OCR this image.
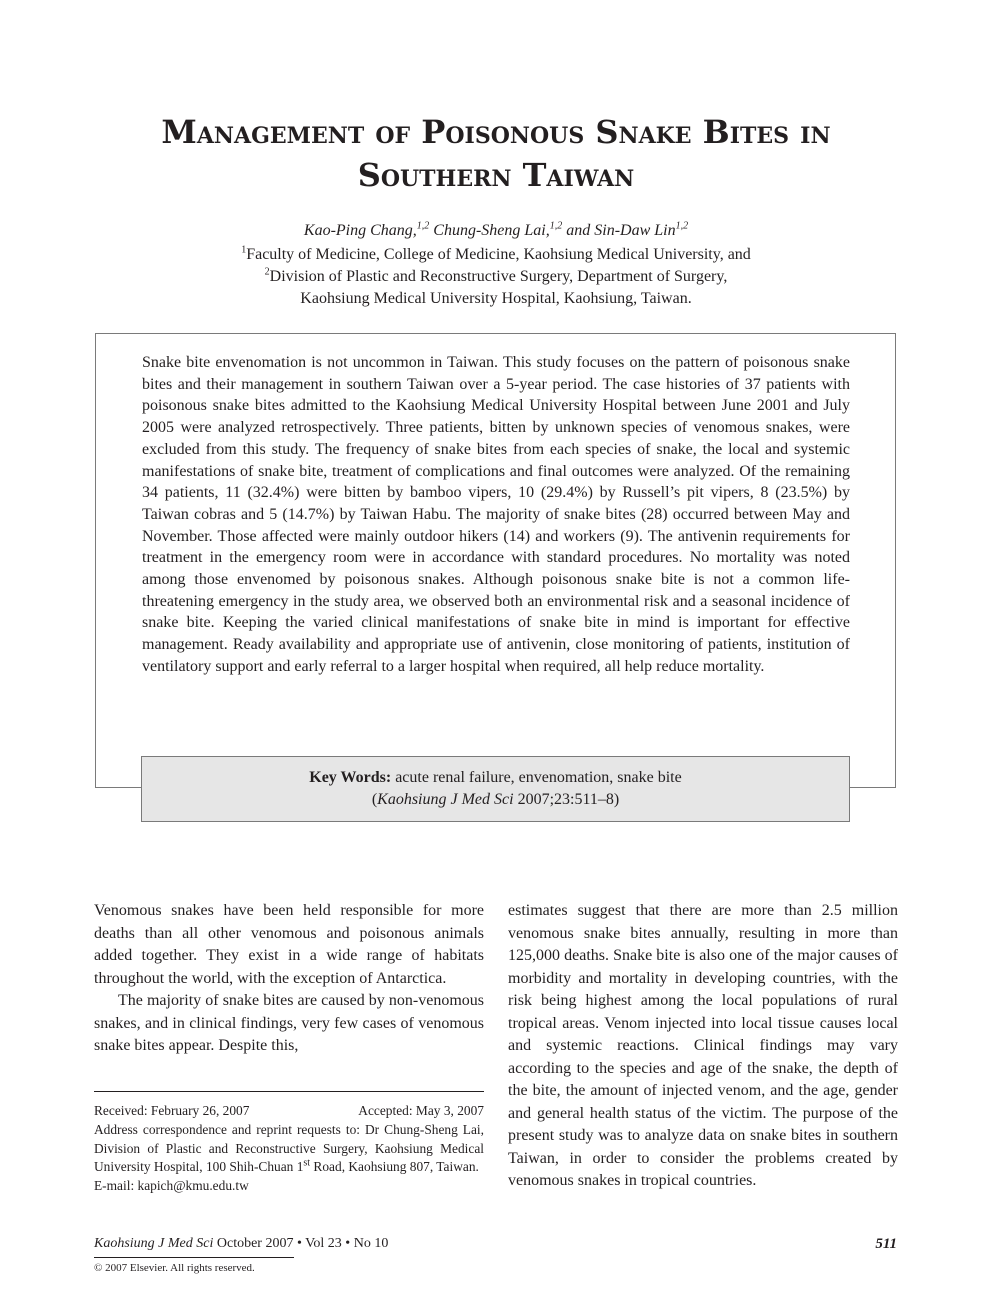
Management of Poisonous Snake Bites in
Southern Taiwan
Kao-Ping Chang,$^{1,2}$ Chung-Sheng Lai,$^{1,2}$ and Sin-Daw Lin$^{1,2}$
$^1$Faculty of Medicine, College of Medicine, Kaohsiung Medical University, and
$^2$Division of Plastic and Reconstructive Surgery, Department of Surgery,
Kaohsiung Medical University Hospital, Kaohsiung, Taiwan.
Snake bite envenomation is not uncommon in Taiwan. This study focuses on the pattern of poisonous snake bites and their management in southern Taiwan over a 5-year period. The case histories of 37 patients with poisonous snake bites admitted to the Kaohsiung Medical University Hospital between June 2001 and July 2005 were analyzed retrospectively. Three patients, bitten by unknown species of venomous snakes, were excluded from this study. The frequency of snake bites from each species of snake, the local and systemic manifestations of snake bite, treatment of complications and final outcomes were analyzed. Of the remaining 34 patients, 11 (32.4%) were bitten by bamboo vipers, 10 (29.4%) by Russell’s pit vipers, 8 (23.5%) by Taiwan cobras and 5 (14.7%) by Taiwan Habu. The majority of snake bites (28) occurred between May and November. Those affected were mainly outdoor hikers (14) and workers (9). The antivenin requirements for treatment in the emergency room were in accordance with standard procedures. No mortality was noted among those envenomed by poisonous snakes. Although poisonous snake bite is not a common life-threatening emergency in the study area, we observed both an environmental risk and a seasonal incidence of snake bite. Keeping the varied clinical manifestations of snake bite in mind is important for effective management. Ready availability and appropriate use of antivenin, close monitoring of patients, institution of ventilatory support and early referral to a larger hospital when required, all help reduce mortality.
Key Words: acute renal failure, envenomation, snake bite
(Kaohsiung J Med Sci 2007;23:511–8)

Venomous snakes have been held responsible for more deaths than all other venomous and poisonous animals added together. They exist in a wide range of habitats throughout the world, with the exception of Antarctica.

The majority of snake bites are caused by non-venomous snakes, and in clinical findings, very few cases of venomous snake bites appear. Despite this,

estimates suggest that there are more than 2.5 million venomous snake bites annually, resulting in more than 125,000 deaths. Snake bite is also one of the major causes of morbidity and mortality in developing countries, with the risk being highest among the local populations of rural tropical areas. Venom injected into local tissue causes local and systemic reactions. Clinical findings may vary according to the species and age of the snake, the depth of the bite, the amount of injected venom, and the age, gender and general health status of the victim. The purpose of the present study was to analyze data on snake bites in southern Taiwan, in order to consider the problems created by venomous snakes in tropical countries.

Received: February 26, 2007	Accepted: May 3, 2007
Address correspondence and reprint requests to: Dr Chung-Sheng Lai, Division of Plastic and Reconstructive Surgery, Kaohsiung Medical University Hospital, 100 Shih-Chuan 1st Road, Kaohsiung 807, Taiwan.
E-mail: kapich@kmu.edu.tw
Kaohsiung J Med Sci October 2007 • Vol 23 • No 10	511
© 2007 Elsevier. All rights reserved.
